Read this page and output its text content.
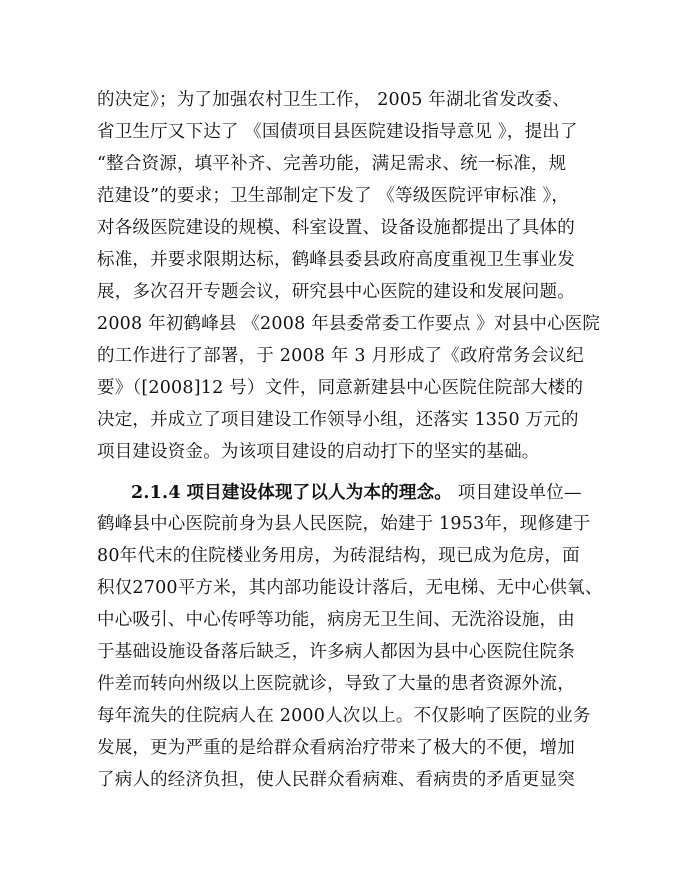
的决定》；为了加强农村卫生工作， 2005 年湖北省发改委、
省卫生厅又下达了 《国债项目县医院建设指导意见 》，提出了
“整合资源，填平补齐、完善功能，满足需求、统一标准，规
范建设”的要求；卫生部制定下发了 《等级医院评审标准 》，
对各级医院建设的规模、科室设置、设备设施都提出了具体的
标准，并要求限期达标，鹤峰县委县政府高度重视卫生事业发
展，多次召开专题会议，研究县中心医院的建设和发展问题。
2008 年初鹤峰县 《2008 年县委常委工作要点 》对县中心医院
的工作进行了部署，于 2008 年 3 月形成了《政府常务会议纪
要》（[2008]12 号）文件，同意新建县中心医院住院部大楼的
决定，并成立了项目建设工作领导小组，还落实 1350 万元的
项目建设资金。为该项目建设的启动打下的坚实的基础。
2.1.4 项目建设体现了以人为本的理念。 项目建设单位—
鹤峰县中心医院前身为县人民医院，始建于 1953年，现修建于
80年代末的住院楼业务用房，为砖混结构，现已成为危房，面
积仅2700平方米，其内部功能设计落后，无电梯、无中心供氧、
中心吸引、中心传呼等功能，病房无卫生间、无洗浴设施，由
于基础设施设备落后缺乏，许多病人都因为县中心医院住院条
件差而转向州级以上医院就诊，导致了大量的患者资源外流，
每年流失的住院病人在 2000人次以上。不仅影响了医院的业务
发展，更为严重的是给群众看病治疗带来了极大的不便，增加
了病人的经济负担，使人民群众看病难、看病贵的矛盾更显突
